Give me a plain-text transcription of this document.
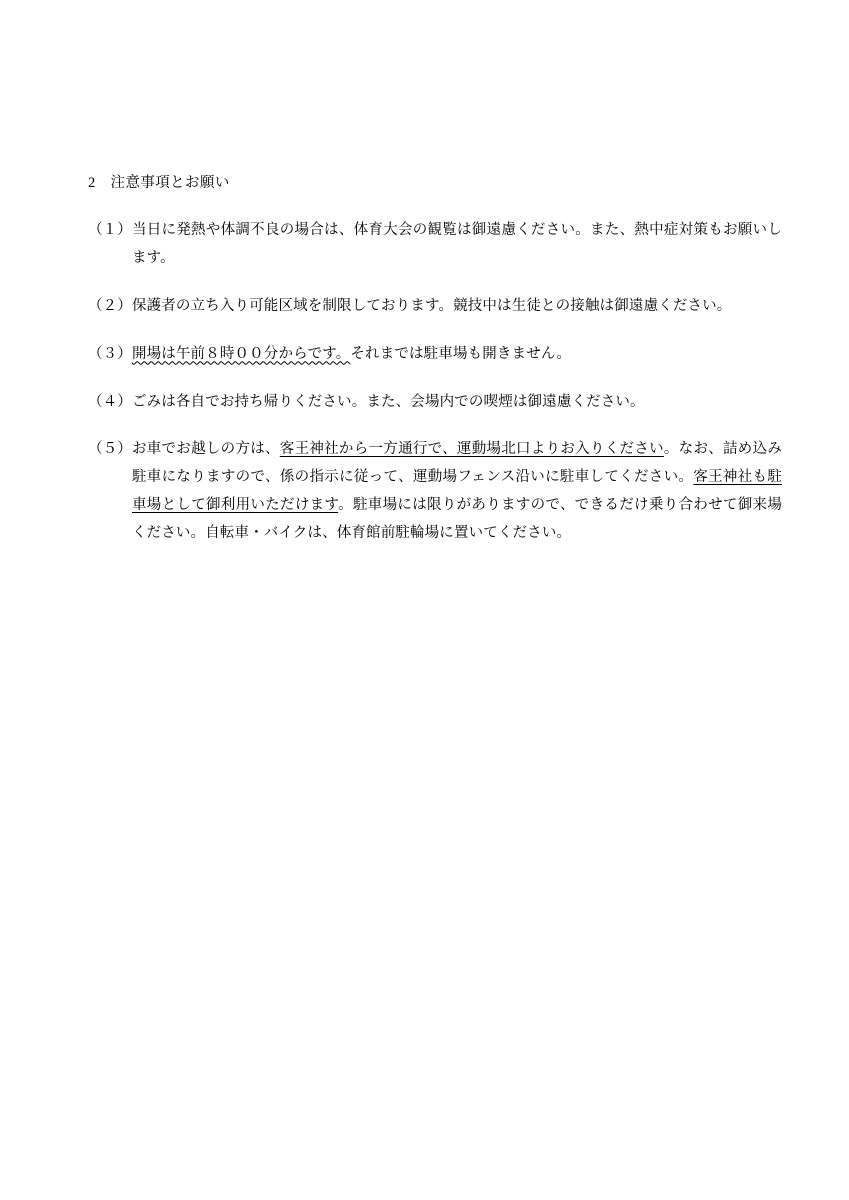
2　注意事項とお願い
（１） 当日に発熱や体調不良の場合は、体育大会の観覧は御遠慮ください。また、熱中症対策もお願いします。
（２） 保護者の立ち入り可能区域を制限しております。競技中は生徒との接触は御遠慮ください。
（３） 開場は午前８時００分からです。それまでは駐車場も開きません。
（４） ごみは各自でお持ち帰りください。また、会場内での喫煙は御遠慮ください。
（５） お車でお越しの方は、客王神社から一方通行で、運動場北口よりお入りください。なお、詰め込み駐車になりますので、係の指示に従って、運動場フェンス沿いに駐車してください。客王神社も駐車場として御利用いただけます。駐車場には限りがありますので、できるだけ乗り合わせて御来場ください。自転車・バイクは、体育館前駐輪場に置いてください。
